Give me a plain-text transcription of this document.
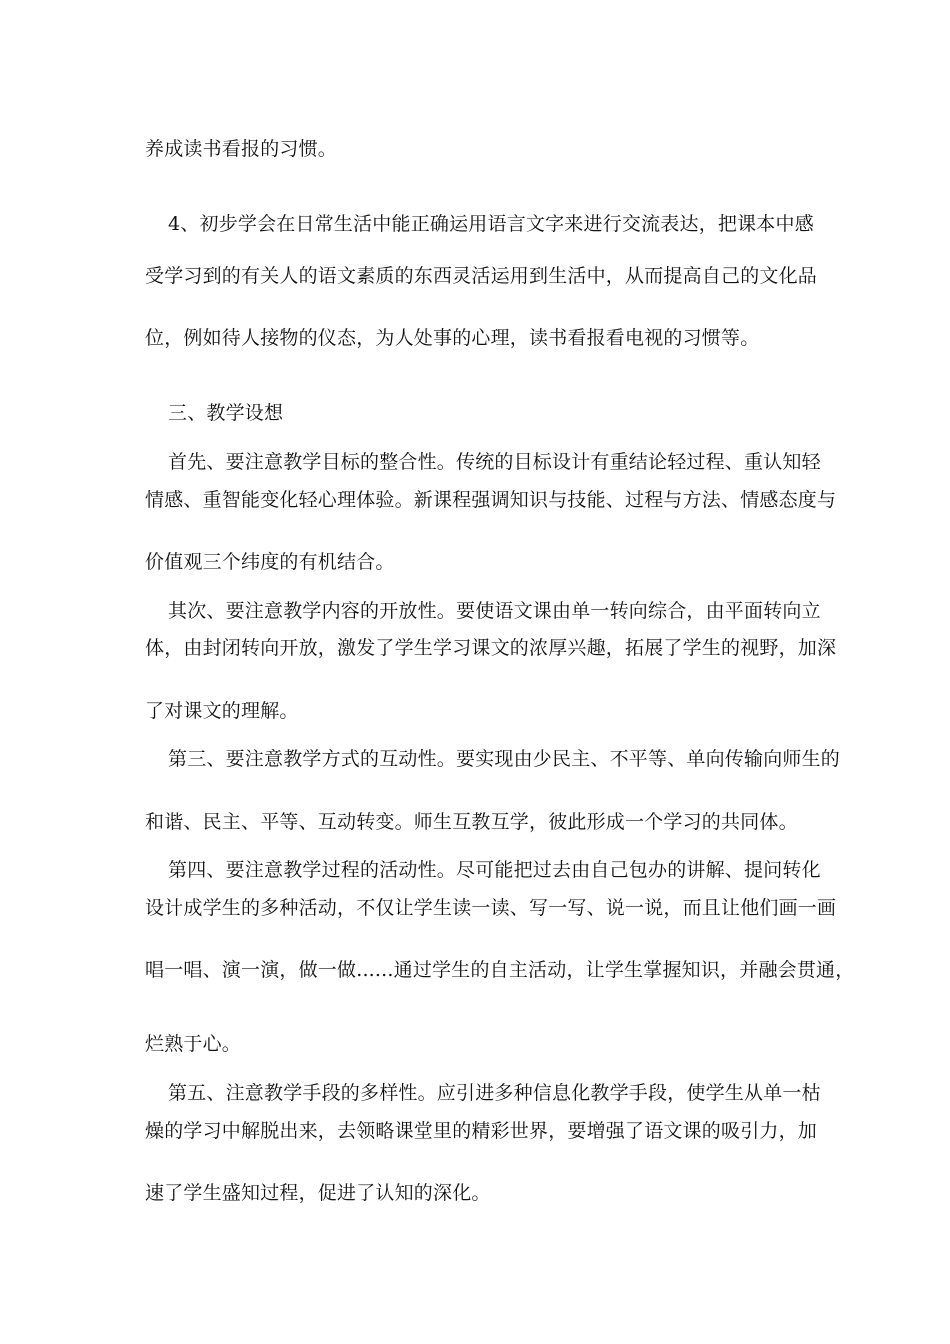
养成读书看报的习惯。

4、初步学会在日常生活中能正确运用语言文字来进行交流表达，把课本中感

受学习到的有关人的语文素质的东西灵活运用到生活中，从而提高自己的文化品

位，例如待人接物的仪态，为人处事的心理，读书看报看电视的习惯等。

三、教学设想

首先、要注意教学目标的整合性。传统的目标设计有重结论轻过程、重认知轻

情感、重智能变化轻心理体验。新课程强调知识与技能、过程与方法、情感态度与

价值观三个纬度的有机结合。

其次、要注意教学内容的开放性。要使语文课由单一转向综合，由平面转向立

体，由封闭转向开放，激发了学生学习课文的浓厚兴趣，拓展了学生的视野，加深

了对课文的理解。

第三、要注意教学方式的互动性。要实现由少民主、不平等、单向传输向师生的

和谐、民主、平等、互动转变。师生互教互学，彼此形成一个学习的共同体。

第四、要注意教学过程的活动性。尽可能把过去由自己包办的讲解、提问转化

设计成学生的多种活动，不仅让学生读一读、写一写、说一说，而且让他们画一画

唱一唱、演一演，做一做......通过学生的自主活动，让学生掌握知识，并融会贯通，

烂熟于心。

第五、注意教学手段的多样性。应引进多种信息化教学手段，使学生从单一枯

燥的学习中解脱出来，去领略课堂里的精彩世界，要增强了语文课的吸引力，加

速了学生盛知过程，促进了认知的深化。
